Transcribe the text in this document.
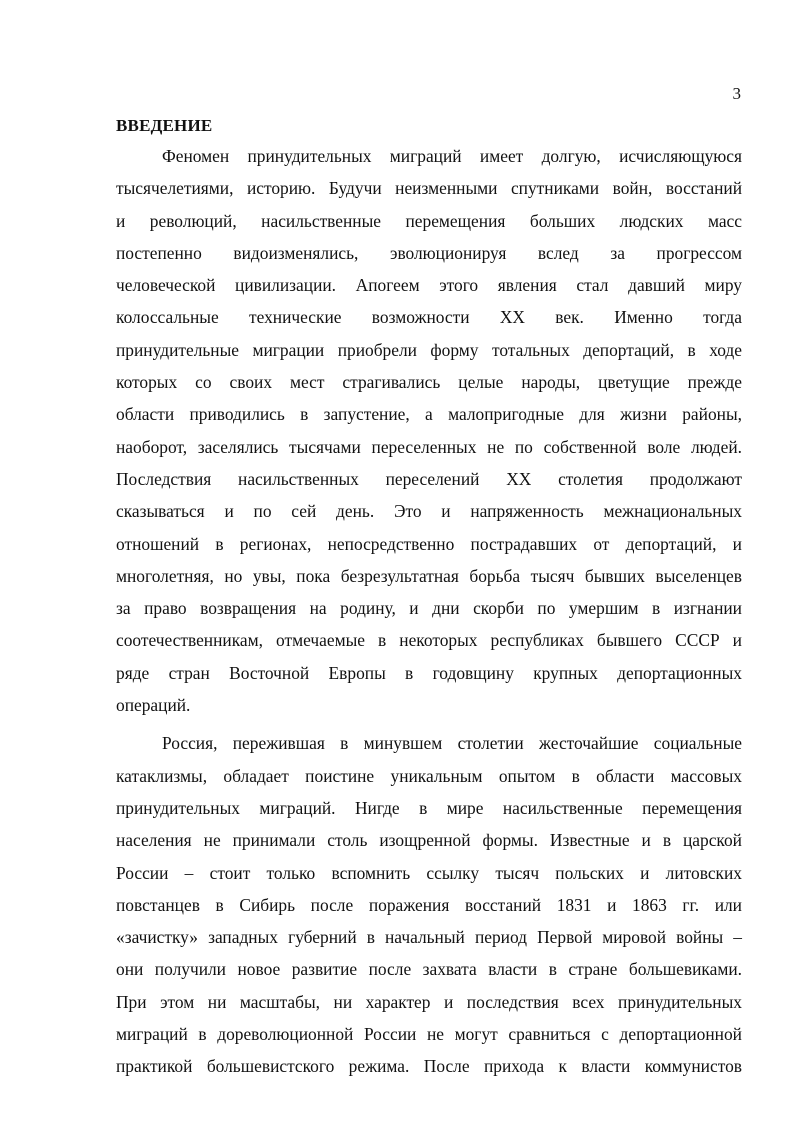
3
ВВЕДЕНИЕ
Феномен принудительных миграций имеет долгую, исчисляющуюся
тысячелетиями, историю. Будучи неизменными спутниками войн, восстаний
и революций, насильственные перемещения больших людских масс
постепенно видоизменялись, эволюционируя вслед за прогрессом
человеческой цивилизации. Апогеем этого явления стал давший миру
колоссальные технические возможности XX век. Именно тогда
принудительные миграции приобрели форму тотальных депортаций, в ходе
которых со своих мест страгивались целые народы, цветущие прежде
области приводились в запустение, а малопригодные для жизни районы,
наоборот, заселялись тысячами переселенных не по собственной воле людей.
Последствия насильственных переселений XX столетия продолжают
сказываться и по сей день. Это и напряженность межнациональных
отношений в регионах, непосредственно пострадавших от депортаций, и
многолетняя, но увы, пока безрезультатная борьба тысяч бывших выселенцев
за право возвращения на родину, и дни скорби по умершим в изгнании
соотечественникам, отмечаемые в некоторых республиках бывшего СССР и
ряде стран Восточной Европы в годовщину крупных депортационных
операций.
Россия, пережившая в минувшем столетии жесточайшие социальные
катаклизмы, обладает поистине уникальным опытом в области массовых
принудительных миграций. Нигде в мире насильственные перемещения
населения не принимали столь изощренной формы. Известные и в царской
России – стоит только вспомнить ссылку тысяч польских и литовских
повстанцев в Сибирь после поражения восстаний 1831 и 1863 гг. или
«зачистку» западных губерний в начальный период Первой мировой войны –
они получили новое развитие после захвата власти в стране большевиками.
При этом ни масштабы, ни характер и последствия всех принудительных
миграций в дореволюционной России не могут сравниться с депортационной
практикой большевистского режима. После прихода к власти коммунистов
